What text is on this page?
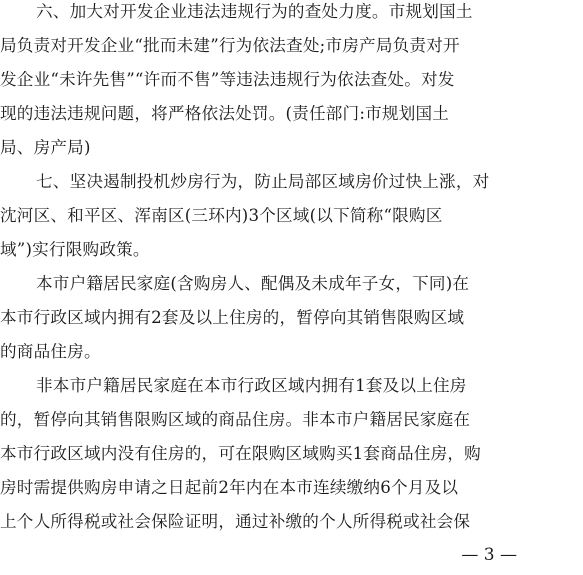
六、加大对开发企业违法违规行为的查处力度。市规划国土
局负责对开发企业“批而未建”行为依法查处;市房产局负责对开
发企业“未许先售”“许而不售”等违法违规行为依法查处。对发
现的违法违规问题，将严格依法处罚。(责任部门:市规划国土
局、房产局)
七、坚决遏制投机炒房行为，防止局部区域房价过快上涨，对
沈河区、和平区、浑南区(三环内)3个区域(以下简称“限购区
域”)实行限购政策。
本市户籍居民家庭(含购房人、配偶及未成年子女，下同)在
本市行政区域内拥有2套及以上住房的，暂停向其销售限购区域
的商品住房。
非本市户籍居民家庭在本市行政区域内拥有1套及以上住房
的，暂停向其销售限购区域的商品住房。非本市户籍居民家庭在
本市行政区域内没有住房的，可在限购区域购买1套商品住房，购
房时需提供购房申请之日起前2年内在本市连续缴纳6个月及以
上个人所得税或社会保险证明，通过补缴的个人所得税或社会保
— 3 —
